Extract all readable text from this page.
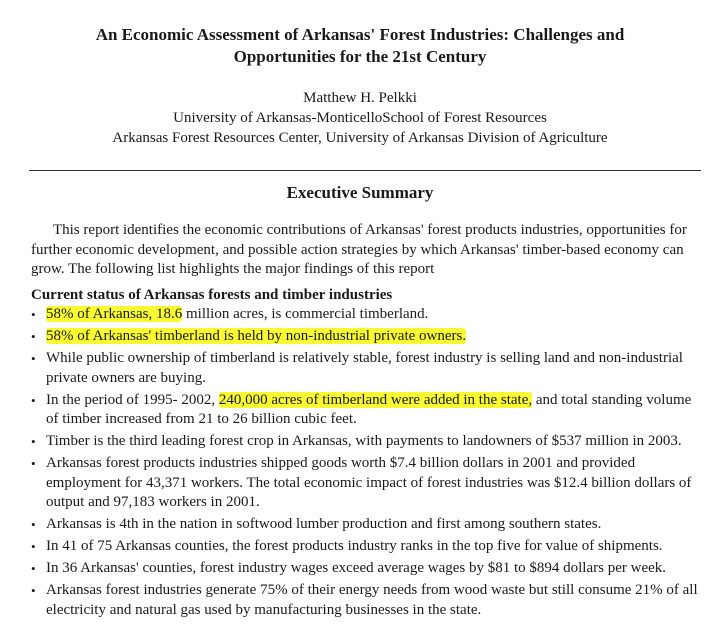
An Economic Assessment of Arkansas' Forest Industries: Challenges and Opportunities for the 21st Century
Matthew H. Pelkki
University of Arkansas-MonticelloSchool of Forest Resources
Arkansas Forest Resources Center, University of Arkansas Division of Agriculture
Executive Summary

This report identifies the economic contributions of Arkansas' forest products industries, opportunities for further economic development, and possible action strategies by which Arkansas' timber-based economy can grow. The following list highlights the major findings of this report

Current status of Arkansas forests and timber industries
• 58% of Arkansas, 18.6 million acres, is commercial timberland.
• 58% of Arkansas' timberland is held by non-industrial private owners.
• While public ownership of timberland is relatively stable, forest industry is selling land and non-industrial private owners are buying.
• In the period of 1995- 2002, 240,000 acres of timberland were added in the state, and total standing volume of timber increased from 21 to 26 billion cubic feet.
• Timber is the third leading forest crop in Arkansas, with payments to landowners of $537 million in 2003.
• Arkansas forest products industries shipped goods worth $7.4 billion dollars in 2001 and provided employment for 43,371 workers. The total economic impact of forest industries was $12.4 billion dollars of output and 97,183 workers in 2001.
• Arkansas is 4th in the nation in softwood lumber production and first among southern states.
• In 41 of 75 Arkansas counties, the forest products industry ranks in the top five for value of shipments.
• In 36 Arkansas' counties, forest industry wages exceed average wages by $81 to $894 dollars per week.
• Arkansas forest industries generate 75% of their energy needs from wood waste but still consume 21% of all electricity and natural gas used by manufacturing businesses in the state.
